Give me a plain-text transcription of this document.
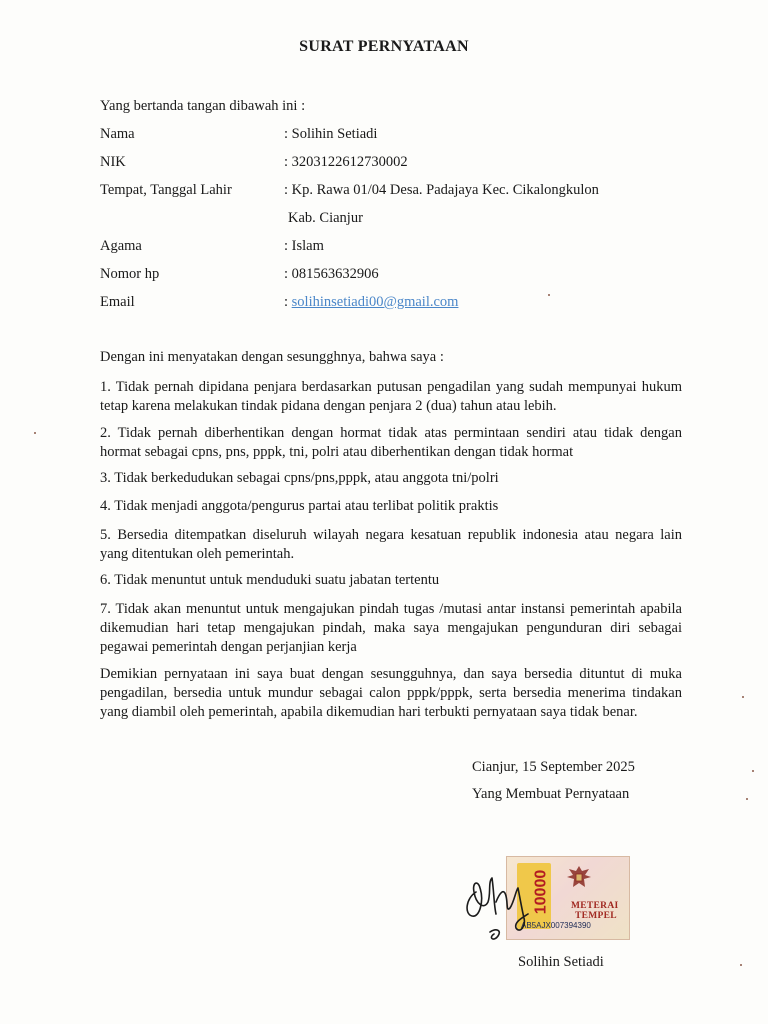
SURAT PERNYATAAN
Yang bertanda tangan dibawah ini :
Nama	: Solihin Setiadi
NIK	: 3203122612730002
Tempat, Tanggal Lahir	: Kp. Rawa 01/04 Desa. Padajaya Kec. Cikalongkulon
Kab. Cianjur
Agama	: Islam
Nomor hp	: 081563632906
Email	: solihinsetiadi00@gmail.com
Dengan ini menyatakan dengan sesungghnya, bahwa saya :
1. Tidak pernah dipidana penjara berdasarkan putusan pengadilan yang sudah mempunyai hukum tetap karena melakukan tindak pidana dengan penjara 2 (dua) tahun atau lebih.
2. Tidak pernah diberhentikan dengan hormat tidak atas permintaan sendiri atau tidak dengan hormat sebagai cpns, pns, pppk, tni, polri atau diberhentikan dengan tidak hormat
3. Tidak berkedudukan sebagai cpns/pns,pppk, atau anggota tni/polri
4. Tidak menjadi anggota/pengurus partai atau terlibat politik praktis
5. Bersedia ditempatkan diseluruh wilayah negara kesatuan republik indonesia atau negara lain yang ditentukan oleh pemerintah.
6. Tidak menuntut untuk menduduki suatu jabatan tertentu
7. Tidak akan menuntut untuk mengajukan pindah tugas /mutasi antar instansi pemerintah apabila dikemudian hari tetap mengajukan pindah, maka saya mengajukan pengunduran diri sebagai pegawai pemerintah dengan perjanjian kerja
Demikian pernyataan ini saya buat dengan sesungguhnya, dan saya bersedia dituntut di muka pengadilan, bersedia untuk mundur sebagai calon pppk/pppk, serta bersedia menerima tindakan yang diambil oleh pemerintah, apabila dikemudian hari terbukti pernyataan saya tidak benar.
Cianjur, 15 September 2025
Yang Membuat Pernyataan
10000 METERAI
TEMPEL
AB5AJX007394390
Solihin Setiadi
